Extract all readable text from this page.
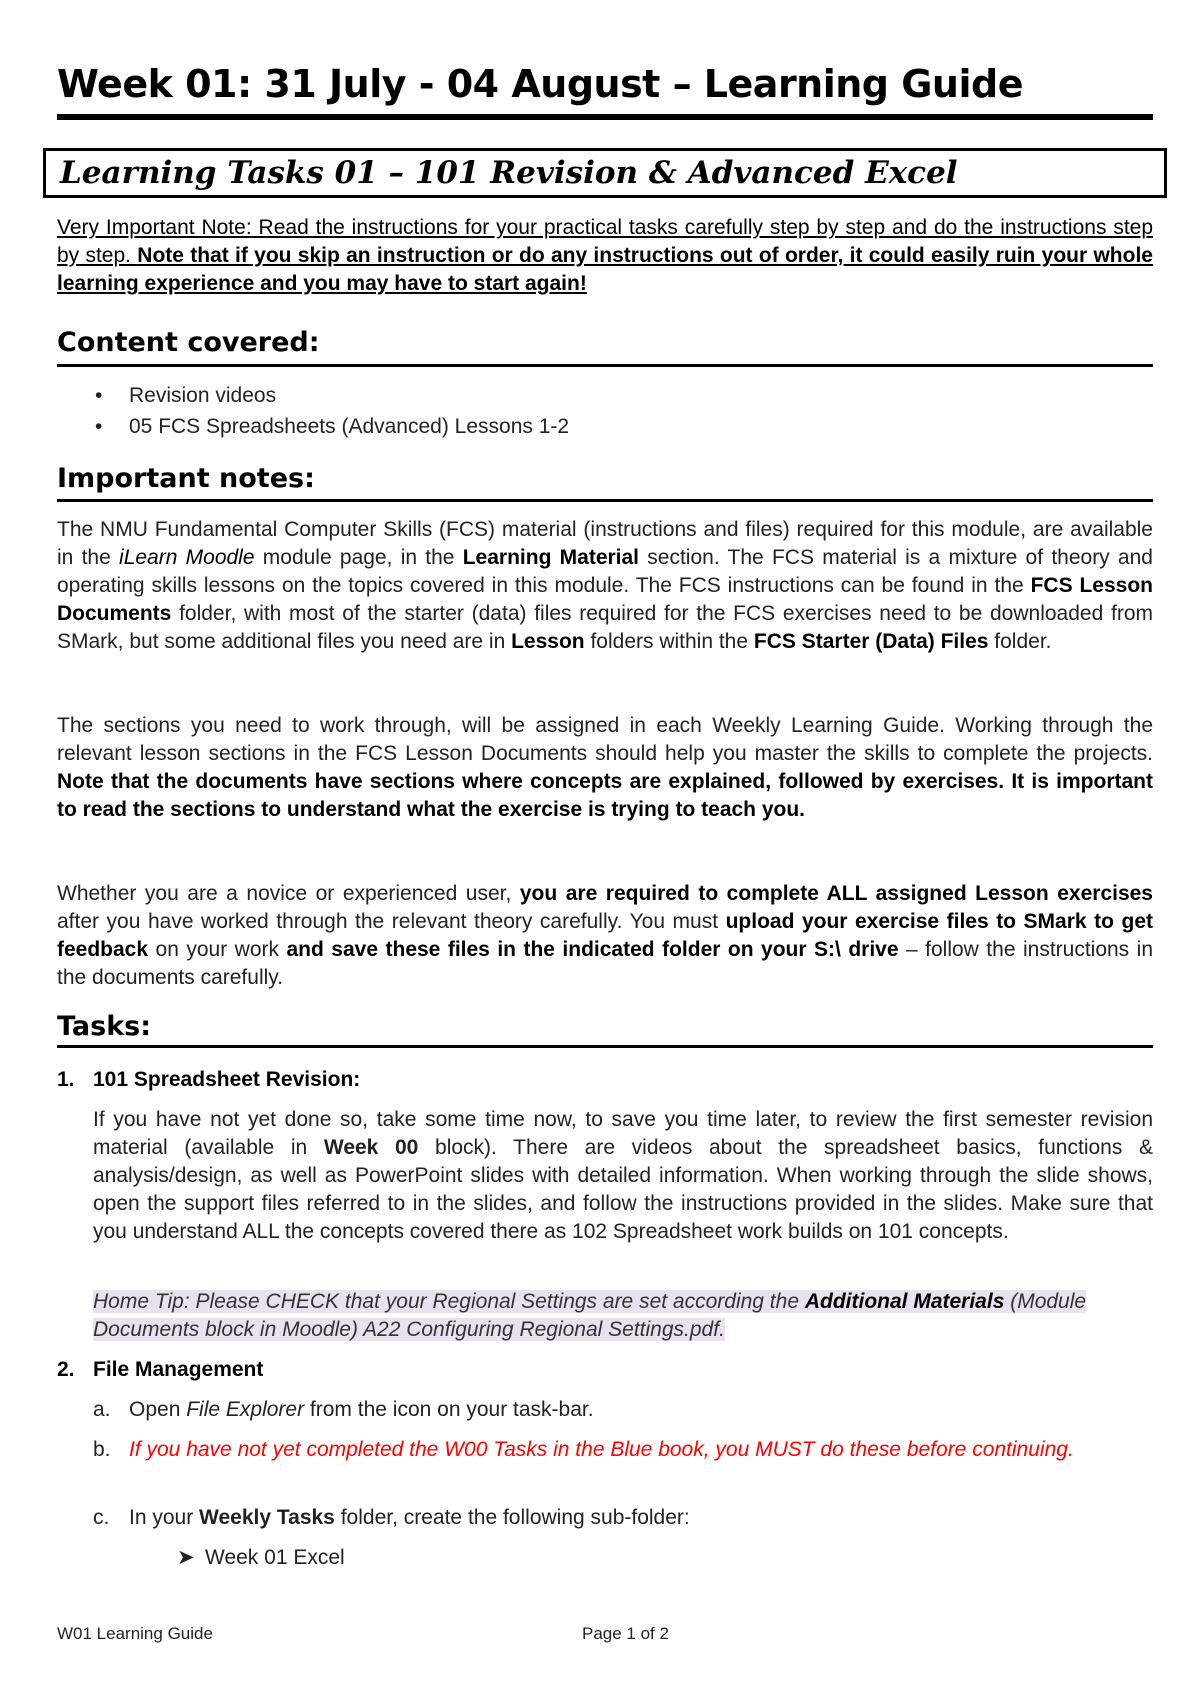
Week 01: 31 July - 04 August – Learning Guide
Learning Tasks 01 – 101 Revision & Advanced Excel
Very Important Note: Read the instructions for your practical tasks carefully step by step and do the instructions step by step. Note that if you skip an instruction or do any instructions out of order, it could easily ruin your whole learning experience and you may have to start again!
Content covered:
• Revision videos
• 05 FCS Spreadsheets (Advanced) Lessons 1-2
Important notes:
The NMU Fundamental Computer Skills (FCS) material (instructions and files) required for this module, are available in the iLearn Moodle module page, in the Learning Material section. The FCS material is a mixture of theory and operating skills lessons on the topics covered in this module. The FCS instructions can be found in the FCS Lesson Documents folder, with most of the starter (data) files required for the FCS exercises need to be downloaded from SMark, but some additional files you need are in Lesson folders within the FCS Starter (Data) Files folder.
The sections you need to work through, will be assigned in each Weekly Learning Guide. Working through the relevant lesson sections in the FCS Lesson Documents should help you master the skills to complete the projects. Note that the documents have sections where concepts are explained, followed by exercises. It is important to read the sections to understand what the exercise is trying to teach you.
Whether you are a novice or experienced user, you are required to complete ALL assigned Lesson exercises after you have worked through the relevant theory carefully. You must upload your exercise files to SMark to get feedback on your work and save these files in the indicated folder on your S:\ drive – follow the instructions in the documents carefully.
Tasks:
1. 101 Spreadsheet Revision:
If you have not yet done so, take some time now, to save you time later, to review the first semester revision material (available in Week 00 block). There are videos about the spreadsheet basics, functions & analysis/design, as well as PowerPoint slides with detailed information. When working through the slide shows, open the support files referred to in the slides, and follow the instructions provided in the slides. Make sure that you understand ALL the concepts covered there as 102 Spreadsheet work builds on 101 concepts.
Home Tip: Please CHECK that your Regional Settings are set according the Additional Materials (Module Documents block in Moodle) A22 Configuring Regional Settings.pdf.
2. File Management
a. Open File Explorer from the icon on your task-bar.
b. If you have not yet completed the W00 Tasks in the Blue book, you MUST do these before continuing.
c. In your Weekly Tasks folder, create the following sub-folder:
➤ Week 01 Excel
W01 Learning Guide	Page 1 of 2
